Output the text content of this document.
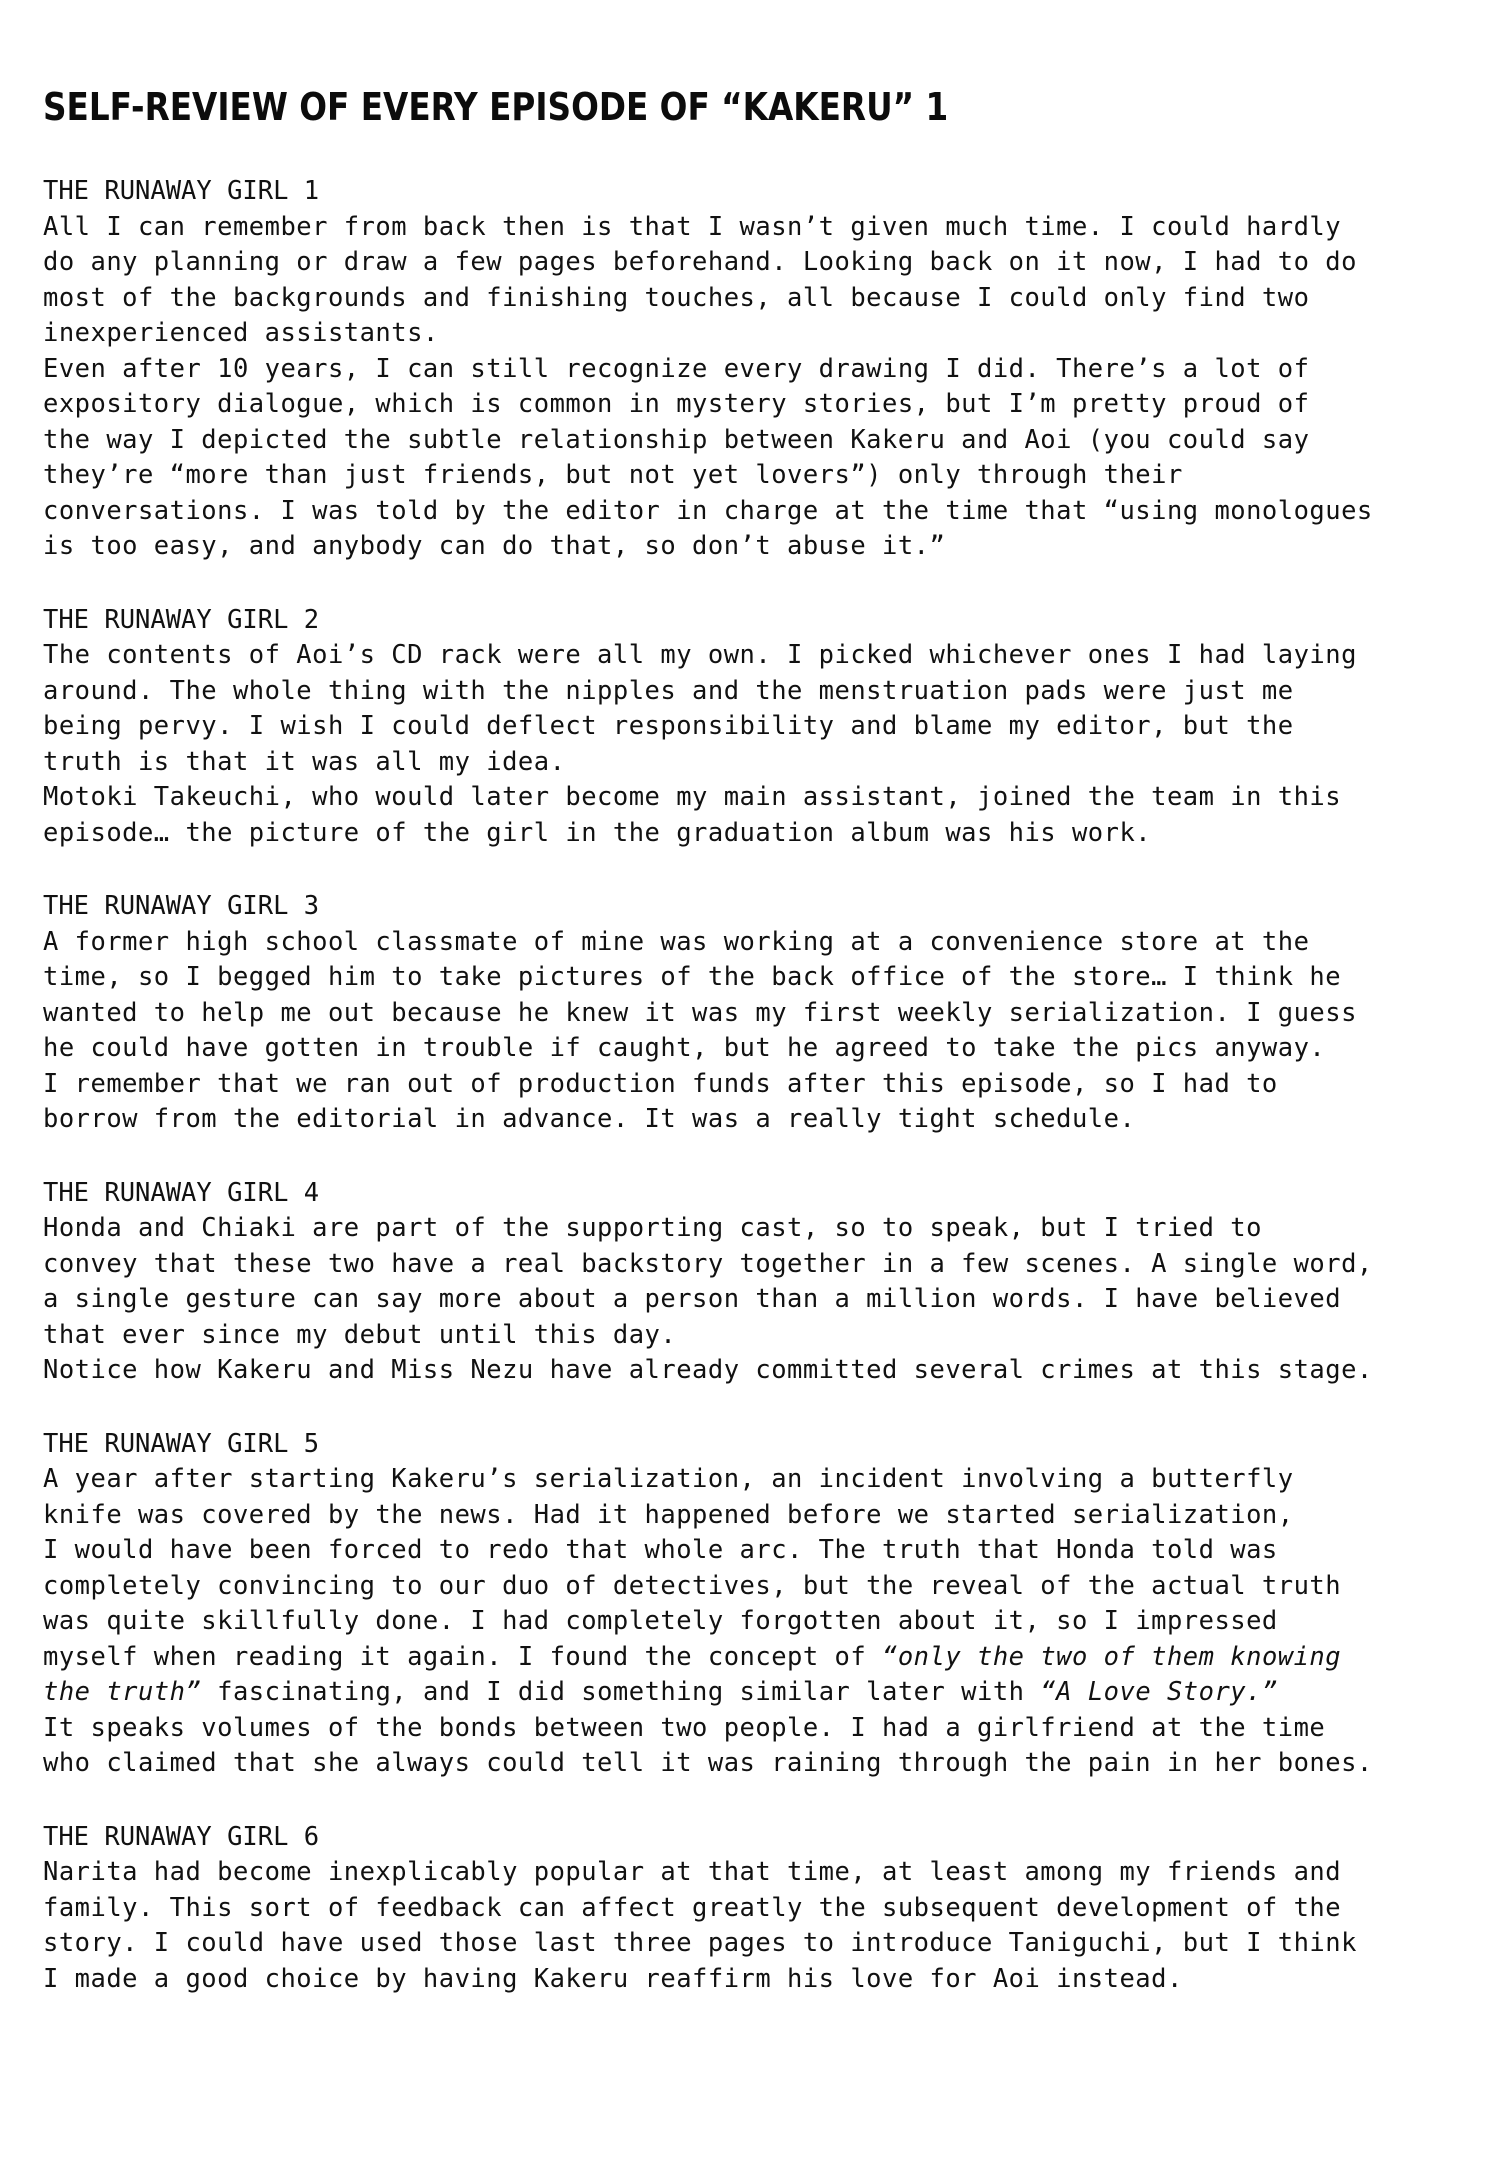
SELF-REVIEW OF EVERY EPISODE OF “KAKERU” 1
THE RUNAWAY GIRL 1
All I can remember from back then is that I wasn’t given much time. I could hardly
do any planning or draw a few pages beforehand. Looking back on it now, I had to do
most of the backgrounds and finishing touches, all because I could only find two
inexperienced assistants.
Even after 10 years, I can still recognize every drawing I did. There’s a lot of
expository dialogue, which is common in mystery stories, but I’m pretty proud of
the way I depicted the subtle relationship between Kakeru and Aoi (you could say
they’re “more than just friends, but not yet lovers”) only through their
conversations. I was told by the editor in charge at the time that “using monologues
is too easy, and anybody can do that, so don’t abuse it.”
THE RUNAWAY GIRL 2
The contents of Aoi’s CD rack were all my own. I picked whichever ones I had laying
around. The whole thing with the nipples and the menstruation pads were just me
being pervy. I wish I could deflect responsibility and blame my editor, but the
truth is that it was all my idea.
Motoki Takeuchi, who would later become my main assistant, joined the team in this
episode… the picture of the girl in the graduation album was his work.
THE RUNAWAY GIRL 3
A former high school classmate of mine was working at a convenience store at the
time, so I begged him to take pictures of the back office of the store… I think he
wanted to help me out because he knew it was my first weekly serialization. I guess
he could have gotten in trouble if caught, but he agreed to take the pics anyway.
I remember that we ran out of production funds after this episode, so I had to
borrow from the editorial in advance. It was a really tight schedule.
THE RUNAWAY GIRL 4
Honda and Chiaki are part of the supporting cast, so to speak, but I tried to
convey that these two have a real backstory together in a few scenes. A single word,
a single gesture can say more about a person than a million words. I have believed
that ever since my debut until this day.
Notice how Kakeru and Miss Nezu have already committed several crimes at this stage.
THE RUNAWAY GIRL 5
A year after starting Kakeru’s serialization, an incident involving a butterfly
knife was covered by the news. Had it happened before we started serialization,
I would have been forced to redo that whole arc. The truth that Honda told was
completely convincing to our duo of detectives, but the reveal of the actual truth
was quite skillfully done. I had completely forgotten about it, so I impressed
myself when reading it again. I found the concept of “only the two of them knowing
the truth” fascinating, and I did something similar later with “A Love Story.”
It speaks volumes of the bonds between two people. I had a girlfriend at the time
who claimed that she always could tell it was raining through the pain in her bones.
THE RUNAWAY GIRL 6
Narita had become inexplicably popular at that time, at least among my friends and
family. This sort of feedback can affect greatly the subsequent development of the
story. I could have used those last three pages to introduce Taniguchi, but I think
I made a good choice by having Kakeru reaffirm his love for Aoi instead.
